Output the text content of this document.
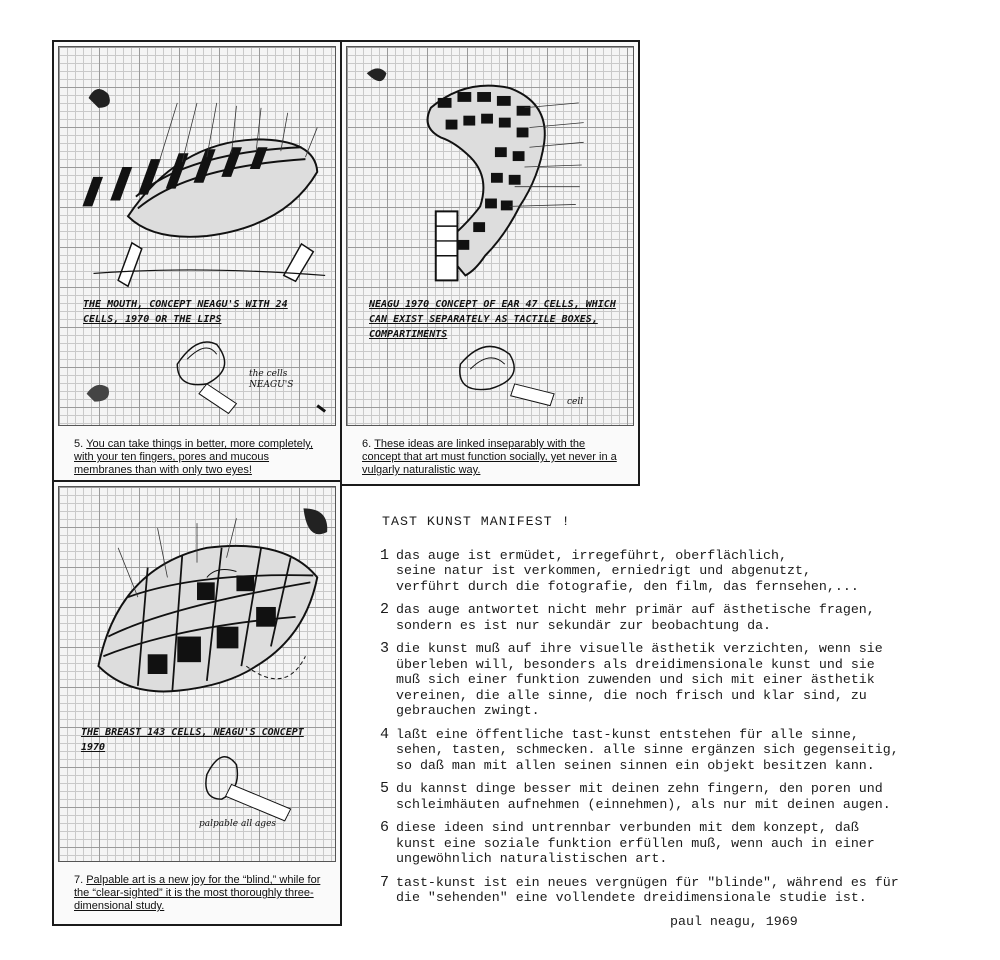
THE MOUTH, CONCEPT NEAGU'S WITH 24 CELLS, 1970 OR THE LIPS
the cells NEAGU'S
5. You can take things in better, more completely, with your ten fingers, pores and mucous membranes than with only two eyes!
NEAGU 1970 CONCEPT OF EAR 47 CELLS, WHICH CAN EXIST SEPARATELY AS TACTILE BOXES, COMPARTIMENTS
cell
6. These ideas are linked inseparably with the concept that art must function socially, yet never in a vulgarly naturalistic way.
THE BREAST 143 CELLS, NEAGU'S CONCEPT 1970
palpable all ages
7. Palpable art is a new joy for the “blind,” while for the “clear-sighted” it is the most thoroughly three-dimensional study.
TAST KUNST MANIFEST !
1 das auge ist ermüdet, irregeführt, oberflächlich,
seine natur ist verkommen, erniedrigt und abgenutzt,
verführt durch die fotografie, den film, das fernsehen,...
2 das auge antwortet nicht mehr primär auf ästhetische fragen,
sondern es ist nur sekundär zur beobachtung da.
3 die kunst muß auf ihre visuelle ästhetik verzichten, wenn sie
überleben will, besonders als dreidimensionale kunst und sie
muß sich einer funktion zuwenden und sich mit einer ästhetik
vereinen, die alle sinne, die noch frisch und klar sind, zu
gebrauchen zwingt.
4 laßt eine öffentliche tast-kunst entstehen für alle sinne,
sehen, tasten, schmecken. alle sinne ergänzen sich gegenseitig,
so daß man mit allen seinen sinnen ein objekt besitzen kann.
5 du kannst dinge besser mit deinen zehn fingern, den poren und
schleimhäuten aufnehmen (einnehmen), als nur mit deinen augen.
6 diese ideen sind untrennbar verbunden mit dem konzept, daß
kunst eine soziale funktion erfüllen muß, wenn auch in einer
ungewöhnlich naturalistischen art.
7 tast-kunst ist ein neues vergnügen für "blinde", während es für
die "sehenden" eine vollendete dreidimensionale studie ist.
paul neagu, 1969
